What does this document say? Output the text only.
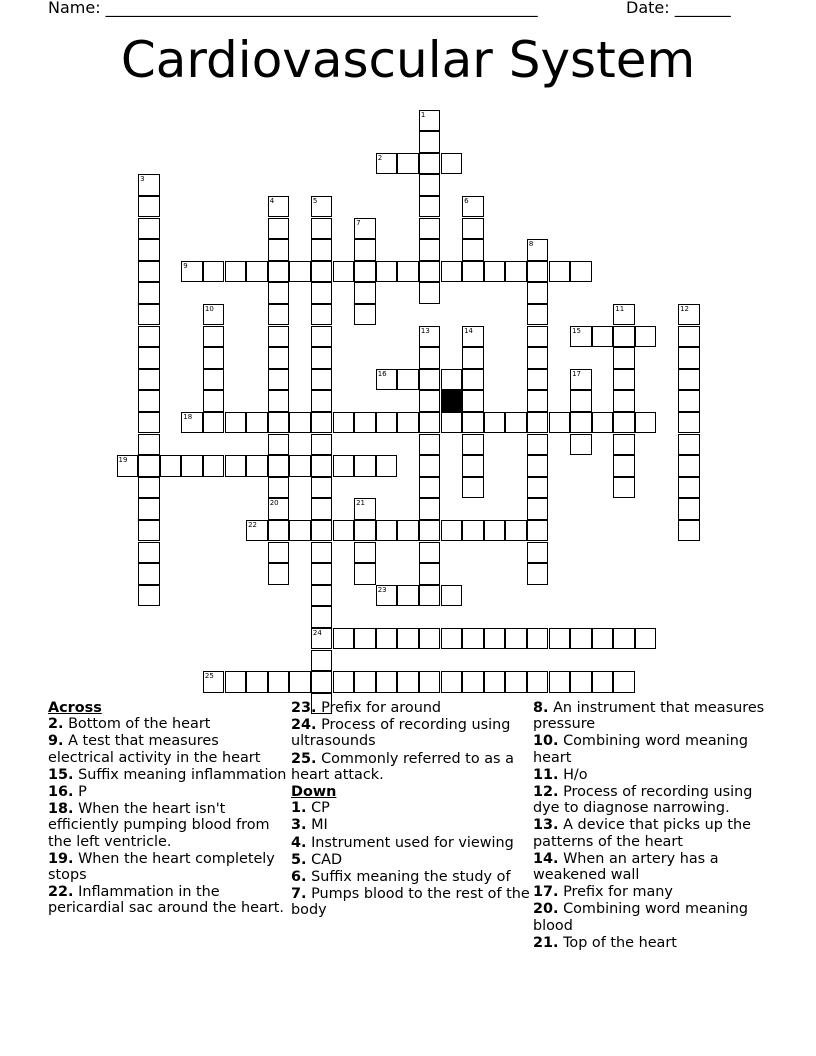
Name: ______________________________________________________	Date: _______
Cardiovascular System
1
2
3
4
20
5
24
6
7
8
9
10	11	12
13	14	15
16	17
18
19
21
22
23
25
Across
2. Bottom of the heart
9. A test that measures electrical activity in the heart
15. Suffix meaning inflammation
16. P
18. When the heart isn't efficiently pumping blood from the left ventricle.
19. When the heart completely stops
22. Inflammation in the pericardial sac around the heart.
23. Prefix for around
24. Process of recording using ultrasounds
25. Commonly referred to as a heart attack.
Down
1. CP
3. MI
4. Instrument used for viewing
5. CAD
6. Suffix meaning the study of
7. Pumps blood to the rest of the body
8. An instrument that measures pressure
10. Combining word meaning heart
11. H/o
12. Process of recording using dye to diagnose narrowing.
13. A device that picks up the patterns of the heart
14. When an artery has a weakened wall
17. Prefix for many
20. Combining word meaning blood
21. Top of the heart
